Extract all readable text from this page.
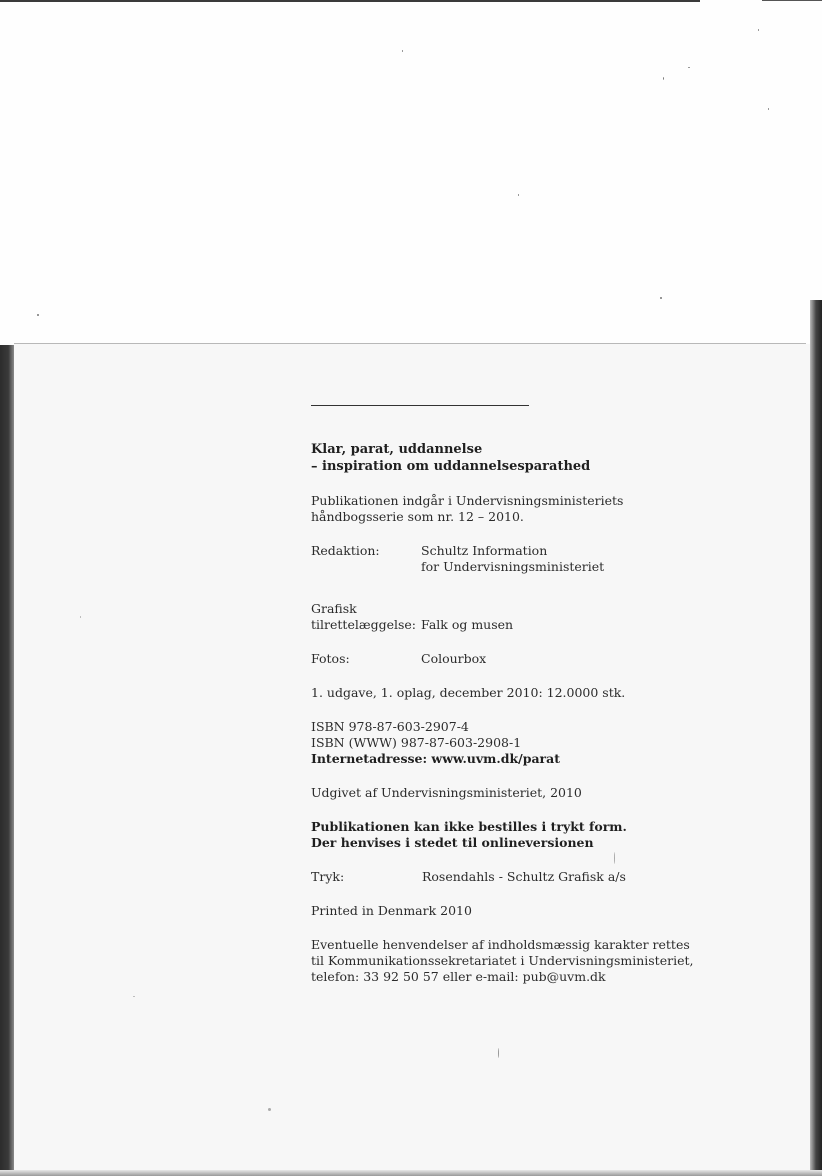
Klar, parat, uddannelse
– inspiration om uddannelsesparathed
Publikationen indgår i Undervisningsministeriets
håndbogsserie som nr. 12 – 2010.
Redaktion:	Schultz Information
for Undervisningsministeriet
Grafisk
tilrettelæggelse: Falk og musen
Fotos:	Colourbox
1. udgave, 1. oplag, december 2010: 12.0000 stk.
ISBN 978-87-603-2907-4
ISBN (WWW) 987-87-603-2908-1
Internetadresse: www.uvm.dk/parat
Udgivet af Undervisningsministeriet, 2010
Publikationen kan ikke bestilles i trykt form.
Der henvises i stedet til onlineversionen
Tryk:	Rosendahls - Schultz Grafisk a/s
Printed in Denmark 2010
Eventuelle henvendelser af indholdsmæssig karakter rettes
til Kommunikationssekretariatet i Undervisningsministeriet,
telefon: 33 92 50 57 eller e-mail: pub@uvm.dk
